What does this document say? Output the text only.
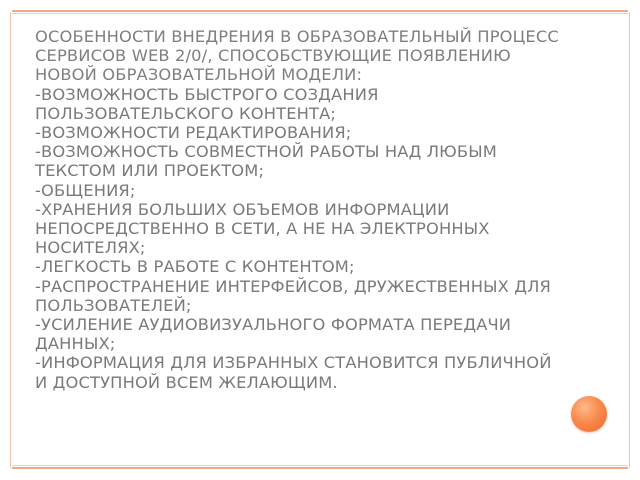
ОСОБЕННОСТИ ВНЕДРЕНИЯ В ОБРАЗОВАТЕЛЬНЫЙ ПРОЦЕСС
СЕРВИСОВ WEB 2/0/, СПОСОБСТВУЮЩИЕ ПОЯВЛЕНИЮ
НОВОЙ ОБРАЗОВАТЕЛЬНОЙ МОДЕЛИ:
-ВОЗМОЖНОСТЬ БЫСТРОГО СОЗДАНИЯ
ПОЛЬЗОВАТЕЛЬСКОГО КОНТЕНТА;
-ВОЗМОЖНОСТИ РЕДАКТИРОВАНИЯ;
-ВОЗМОЖНОСТЬ СОВМЕСТНОЙ РАБОТЫ НАД ЛЮБЫМ
ТЕКСТОМ ИЛИ ПРОЕКТОМ;
-ОБЩЕНИЯ;
-ХРАНЕНИЯ БОЛЬШИХ ОБЪЕМОВ ИНФОРМАЦИИ
НЕПОСРЕДСТВЕННО В СЕТИ, А НЕ НА ЭЛЕКТРОННЫХ
НОСИТЕЛЯХ;
-ЛЕГКОСТЬ В РАБОТЕ С КОНТЕНТОМ;
-РАСПРОСТРАНЕНИЕ ИНТЕРФЕЙСОВ, ДРУЖЕСТВЕННЫХ ДЛЯ
ПОЛЬЗОВАТЕЛЕЙ;
-УСИЛЕНИЕ АУДИОВИЗУАЛЬНОГО ФОРМАТА ПЕРЕДАЧИ
ДАННЫХ;
-ИНФОРМАЦИЯ ДЛЯ ИЗБРАННЫХ СТАНОВИТСЯ ПУБЛИЧНОЙ
И ДОСТУПНОЙ ВСЕМ ЖЕЛАЮЩИМ.
